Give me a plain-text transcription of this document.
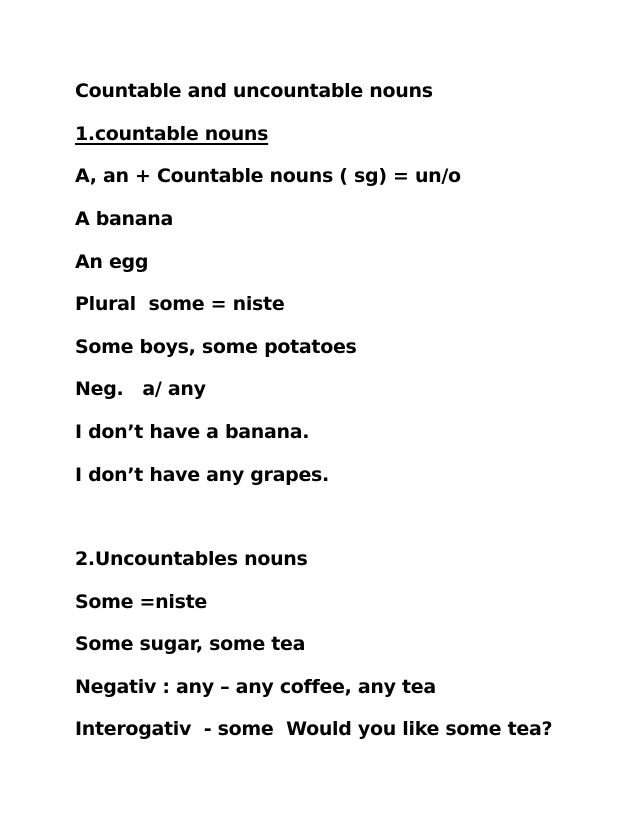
Countable and uncountable nouns

1.countable nouns

A, an + Countable nouns ( sg) = un/o

A banana

An egg

Plural  some = niste

Some boys, some potatoes

Neg.   a/ any

I don’t have a banana.

I don’t have any grapes.

2.Uncountables nouns

Some =niste

Some sugar, some tea

Negativ : any – any coffee, any tea

Interogativ  - some  Would you like some tea?
